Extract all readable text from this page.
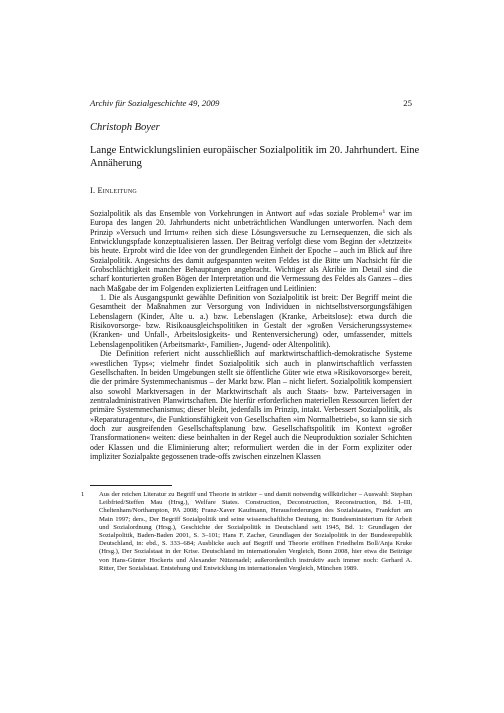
Archiv für Sozialgeschichte 49, 2009	25
Christoph Boyer
Lange Entwicklungslinien europäischer Sozialpolitik im 20. Jahrhundert. Eine Annäherung
I. Einleitung

Sozialpolitik als das Ensemble von Vorkehrungen in Antwort auf »das soziale Problem«$^1$ war im Europa des langen 20. Jahrhunderts nicht unbeträchtlichen Wandlungen unterworfen. Nach dem Prinzip »Versuch und Irrtum« reihen sich diese Lösungsversuche zu Lernsequenzen, die sich als Entwicklungspfade konzeptualisieren lassen. Der Beitrag verfolgt diese vom Beginn der »Jetztzeit« bis heute. Erprobt wird die Idee von der grundlegenden Einheit der Epoche – auch im Blick auf ihre Sozialpolitik. Angesichts des damit aufgespannten weiten Feldes ist die Bitte um Nachsicht für die Grobschlächtigkeit mancher Behauptungen angebracht. Wichtiger als Akribie im Detail sind die scharf konturierten großen Bögen der Interpretation und die Vermessung des Feldes als Ganzes – dies nach Maßgabe der im Folgenden explizierten Leitfragen und Leitlinien:

1. Die als Ausgangspunkt gewählte Definition von Sozialpolitik ist breit: Der Begriff meint die Gesamtheit der Maßnahmen zur Versorgung von Individuen in nichtselbstversorgungsfähigen Lebenslagern (Kinder, Alte u. a.) bzw. Lebenslagen (Kranke, Arbeitslose): etwa durch die Risikovorsorge- bzw. Risikoausgleichspolitiken in Gestalt der »großen Versicherungssysteme« (Kranken- und Unfall-, Arbeitslosigkeits- und Rentenversicherung) oder, umfassender, mittels Lebenslagenpolitiken (Arbeitsmarkt-, Familien-, Jugend- oder Altenpolitik).

Die Definition referiert nicht ausschließlich auf marktwirtschaftlich-demokratische Systeme »westlichen Typs«; vielmehr findet Sozialpolitik sich auch in planwirtschaftlich verfassten Gesellschaften. In beiden Umgebungen stellt sie öffentliche Güter wie etwa »Risikovorsorge« bereit, die der primäre Systemmechanismus – der Markt bzw. Plan – nicht liefert. Sozialpolitik kompensiert also sowohl Marktversagen in der Marktwirtschaft als auch Staats- bzw. Parteiversagen in zentraladministrativen Planwirtschaften. Die hierfür erforderlichen materiellen Ressourcen liefert der primäre Systemmechanismus; dieser bleibt, jedenfalls im Prinzip, intakt. Verbessert Sozialpolitik, als »Reparaturagentur«, die Funktionsfähigkeit von Gesellschaften »im Normalbetrieb«, so kann sie sich doch zur ausgreifenden Gesellschaftsplanung bzw. Gesellschaftspolitik im Kontext »großer Transformationen« weiten: diese beinhalten in der Regel auch die Neuproduktion sozialer Schichten oder Klassen und die Eliminierung alter; reformuliert werden die in der Form expliziter oder impliziter Sozialpakte gegossenen trade-offs zwischen einzelnen Klassen

1 Aus der reichen Literatur zu Begriff und Theorie in strikter – und damit notwendig willkürlicher – Auswahl: Stephan Leibfried/Steffen Mau (Hrsg.), Welfare States. Construction, Deconstruction, Reconstruction, Bd. I–III, Cheltenham/Northampton, PA 2008; Franz-Xaver Kaufmann, Herausforderungen des Sozialstaates, Frankfurt am Main 1997; ders., Der Begriff Sozialpolitik und seine wissenschaftliche Deutung, in: Bundesministerium für Arbeit und Sozialordnung (Hrsg.), Geschichte der Sozialpolitik in Deutschland seit 1945, Bd. 1: Grundlagen der Sozialpolitik, Baden-Baden 2001, S. 3–101; Hans F. Zacher, Grundlagen der Sozialpolitik in der Bundesrepublik Deutschland, in: ebd., S. 333–684; Ausblicke auch auf Begriff und Theorie eröffnen Friedhelm Boll/Anja Kruke (Hrsg.), Der Sozialstaat in der Krise. Deutschland im internationalen Vergleich, Bonn 2008, hier etwa die Beiträge von Hans-Günter Hockerts und Alexander Nützenadel; außerordentlich instruktiv auch immer noch: Gerhard A. Ritter, Der Sozialstaat. Entstehung und Entwicklung im internationalen Vergleich, München 1989.
